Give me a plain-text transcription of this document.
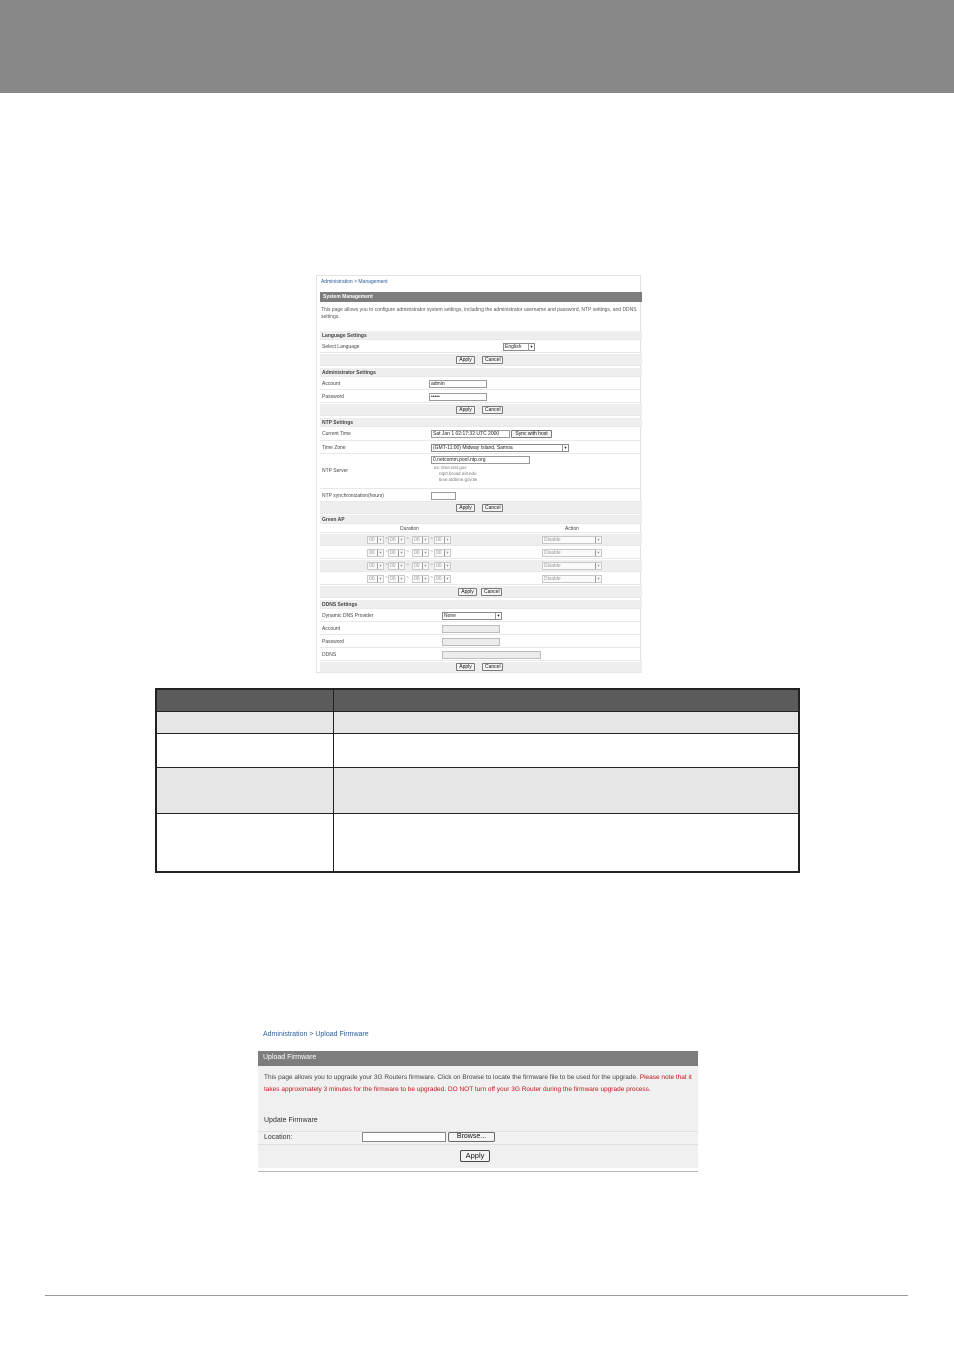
Administration > Management
System Management
This page allows you to configure administrator system settings, including the administrator username and password, NTP settings, and DDNS settings.
Language Settings
Select Language	English	▼
Apply	Cancel
Administrator Settings
Account	admin
Password	•••••
Apply	Cancel
NTP Settings
Current Time	Sat Jan 1 02:17:32 UTC 2000	Sync with host
Time Zone	(GMT-11:00) Midway Island, Samoa	▼
NTP Server
0.netcomm.pool.ntp.org
ex: time.nist.gov
ntp0.broad.mit.edu
time.stdtime.gov.tw
NTP synchronization(hours)
Apply	Cancel
Green AP
Duration	Action
00 ▼ ~ 00 ▼ ~	00 ▼ ~ 00 ▼	Disable	▼
00 ▼ ~ 00 ▼ ~	00 ▼ ~ 00 ▼	Disable	▼
00 ▼ ~ 00 ▼ ~	00 ▼ ~ 00 ▼	Disable	▼
00 ▼ ~ 00 ▼ ~	00 ▼ ~ 00 ▼	Disable	▼
Apply	Cancel
DDNS Settings
Dynamic DNS Provider	None	▼
Account
Password
DDNS
Apply	Cancel

Administration > Upload Firmware
Upload Firmware
This page allows you to upgrade your 3G Routers firmware. Click on Browse to locate the firmware file to be used for the upgrade. Please note that it takes approximately 3 minutes for the firmware to be upgraded. DO NOT turn off your 3G Router during the firmware upgrade process.
Update Firmware
Location:	Browse...
Apply
